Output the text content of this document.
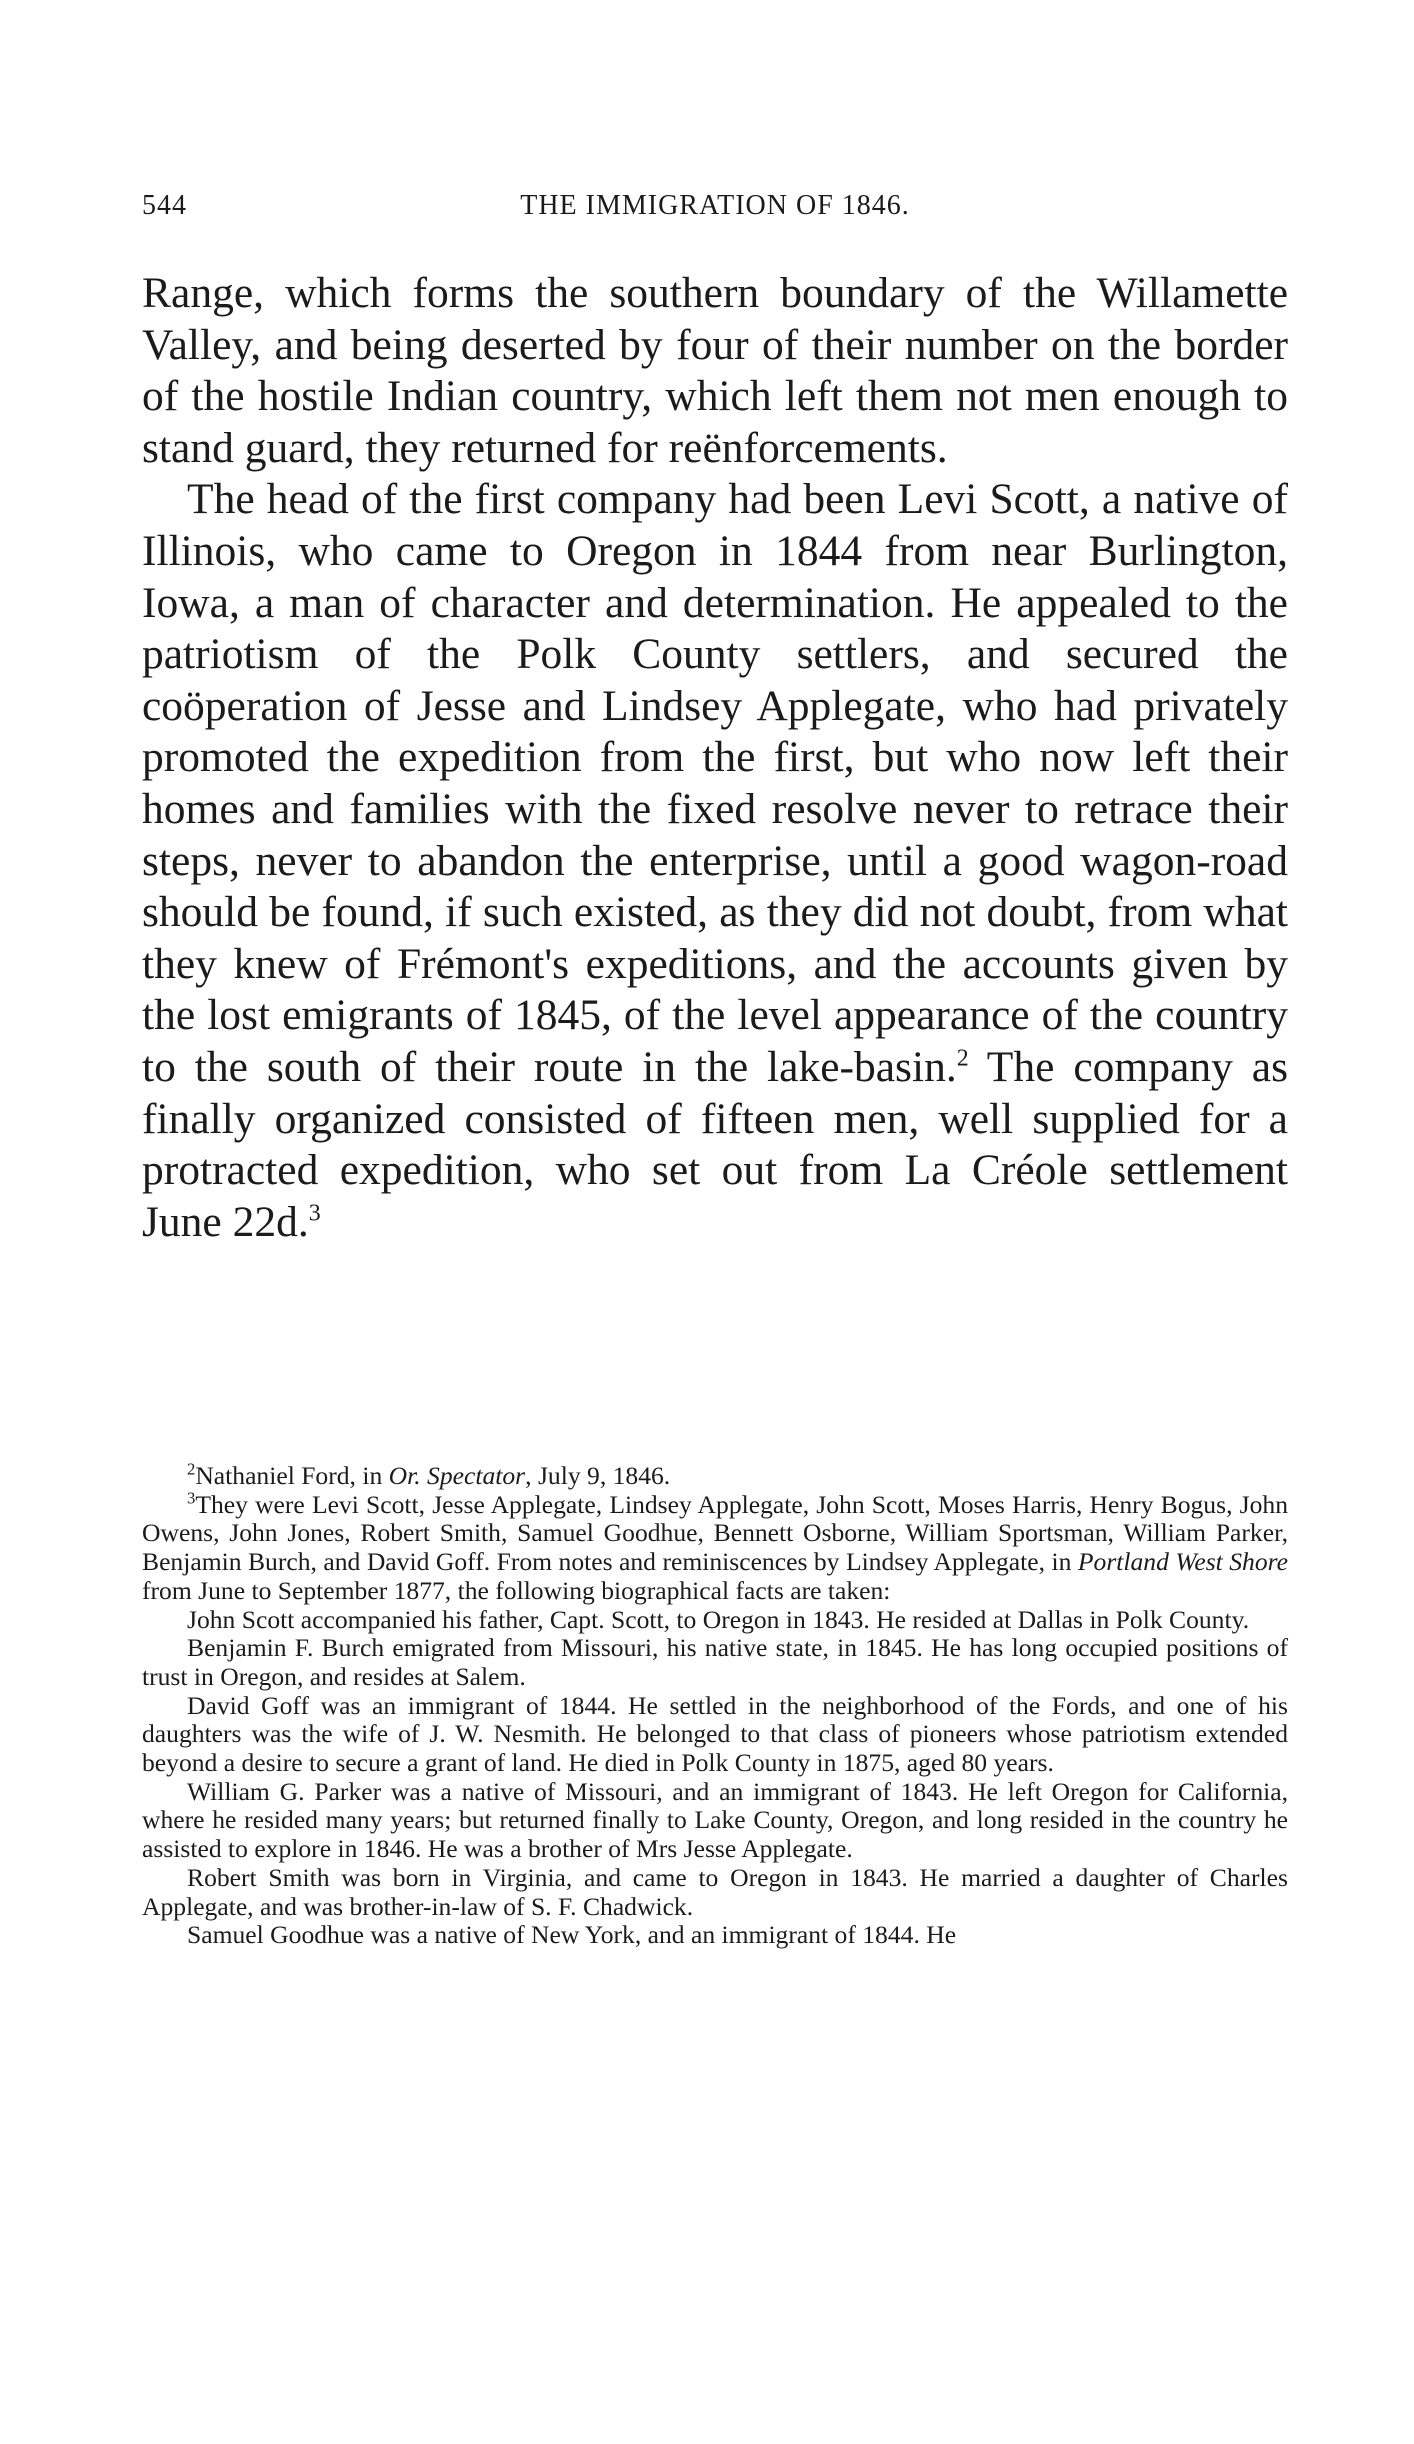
544	THE IMMIGRATION OF 1846.

Range, which forms the southern boundary of the Willamette Valley, and being deserted by four of their number on the border of the hostile Indian country, which left them not men enough to stand guard, they returned for reënforcements.

The head of the first company had been Levi Scott, a native of Illinois, who came to Oregon in 1844 from near Burlington, Iowa, a man of character and determination. He appealed to the patriotism of the Polk County settlers, and secured the coöperation of Jesse and Lindsey Applegate, who had privately promoted the expedition from the first, but who now left their homes and families with the fixed resolve never to retrace their steps, never to abandon the enterprise, until a good wagon-road should be found, if such existed, as they did not doubt, from what they knew of Frémont's expeditions, and the accounts given by the lost emigrants of 1845, of the level appearance of the country to the south of their route in the lake-basin.$^2$ The company as finally organized consisted of fifteen men, well supplied for a protracted expedition, who set out from La Créole settlement June 22d.$^3$

$^2$Nathaniel Ford, in Or. Spectator, July 9, 1846.

$^3$They were Levi Scott, Jesse Applegate, Lindsey Applegate, John Scott, Moses Harris, Henry Bogus, John Owens, John Jones, Robert Smith, Samuel Goodhue, Bennett Osborne, William Sportsman, William Parker, Benjamin Burch, and David Goff. From notes and reminiscences by Lindsey Applegate, in Portland West Shore from June to September 1877, the following biographical facts are taken:

John Scott accompanied his father, Capt. Scott, to Oregon in 1843. He resided at Dallas in Polk County.

Benjamin F. Burch emigrated from Missouri, his native state, in 1845. He has long occupied positions of trust in Oregon, and resides at Salem.

David Goff was an immigrant of 1844. He settled in the neighborhood of the Fords, and one of his daughters was the wife of J. W. Nesmith. He belonged to that class of pioneers whose patriotism extended beyond a desire to secure a grant of land. He died in Polk County in 1875, aged 80 years.

William G. Parker was a native of Missouri, and an immigrant of 1843. He left Oregon for California, where he resided many years; but returned finally to Lake County, Oregon, and long resided in the country he assisted to explore in 1846. He was a brother of Mrs Jesse Applegate.

Robert Smith was born in Virginia, and came to Oregon in 1843. He married a daughter of Charles Applegate, and was brother-in-law of S. F. Chadwick.

Samuel Goodhue was a native of New York, and an immigrant of 1844. He
